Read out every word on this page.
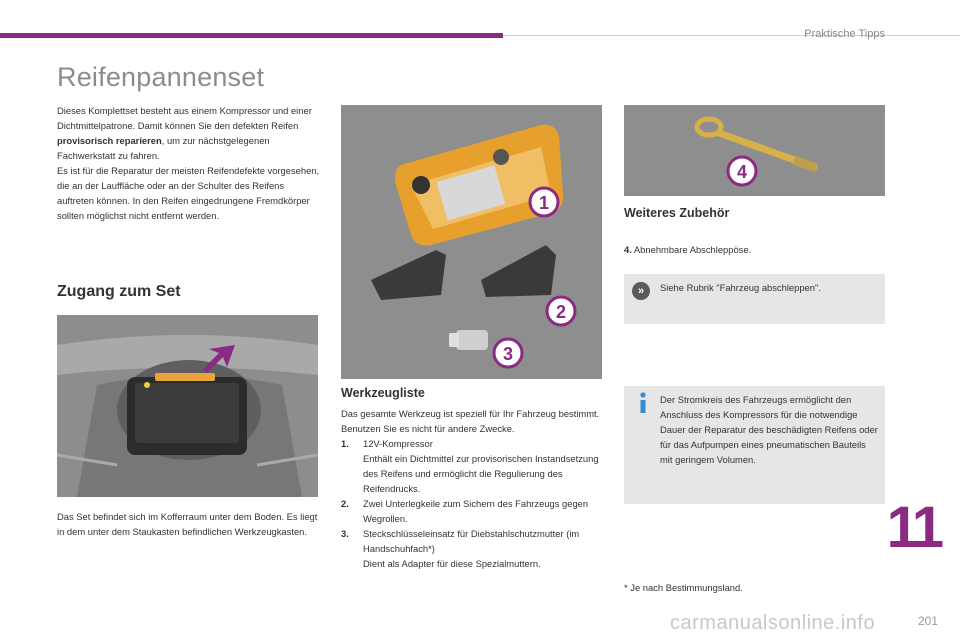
Praktische Tipps
Reifenpannenset
Dieses Komplettset besteht aus einem Kompressor und einer Dichtmittelpatrone. Damit können Sie den defekten Reifen provisorisch reparieren, um zur nächstgelegenen Fachwerkstatt zu fahren.
Es ist für die Reparatur der meisten Reifendefekte vorgesehen, die an der Lauffläche oder an der Schulter des Reifens auftreten können. In den Reifen eingedrungene Fremdkörper sollten möglichst nicht entfernt werden.
Zugang zum Set
Das Set befindet sich im Kofferraum unter dem Boden. Es liegt in dem unter dem Staukasten befindlichen Werkzeugkasten.
1
2
3
Werkzeugliste
Das gesamte Werkzeug ist speziell für Ihr Fahrzeug bestimmt. Benutzen Sie es nicht für andere Zwecke.
1.	12V-Kompressor
Enthält ein Dichtmittel zur provisorischen Instandsetzung des Reifens und ermöglicht die Regulierung des Reifendrucks.
2.	Zwei Unterlegkeile zum Sichern des Fahrzeugs gegen Wegrollen.
3.	Steckschlüsseleinsatz für Diebstahlschutzmutter (im Handschuhfach*)
Dient als Adapter für diese Spezialmuttern.
4
Weiteres Zubehör
4. Abnehmbare Abschleppöse.
»	Siehe Rubrik "Fahrzeug abschleppen".
Der Stromkreis des Fahrzeugs ermöglicht den Anschluss des Kompressors für die notwendige Dauer der Reparatur des beschädigten Reifens oder für das Aufpumpen eines pneumatischen Bauteils mit geringem Volumen.
* Je nach Bestimmungsland.
11
carmanualsonline.info	201
